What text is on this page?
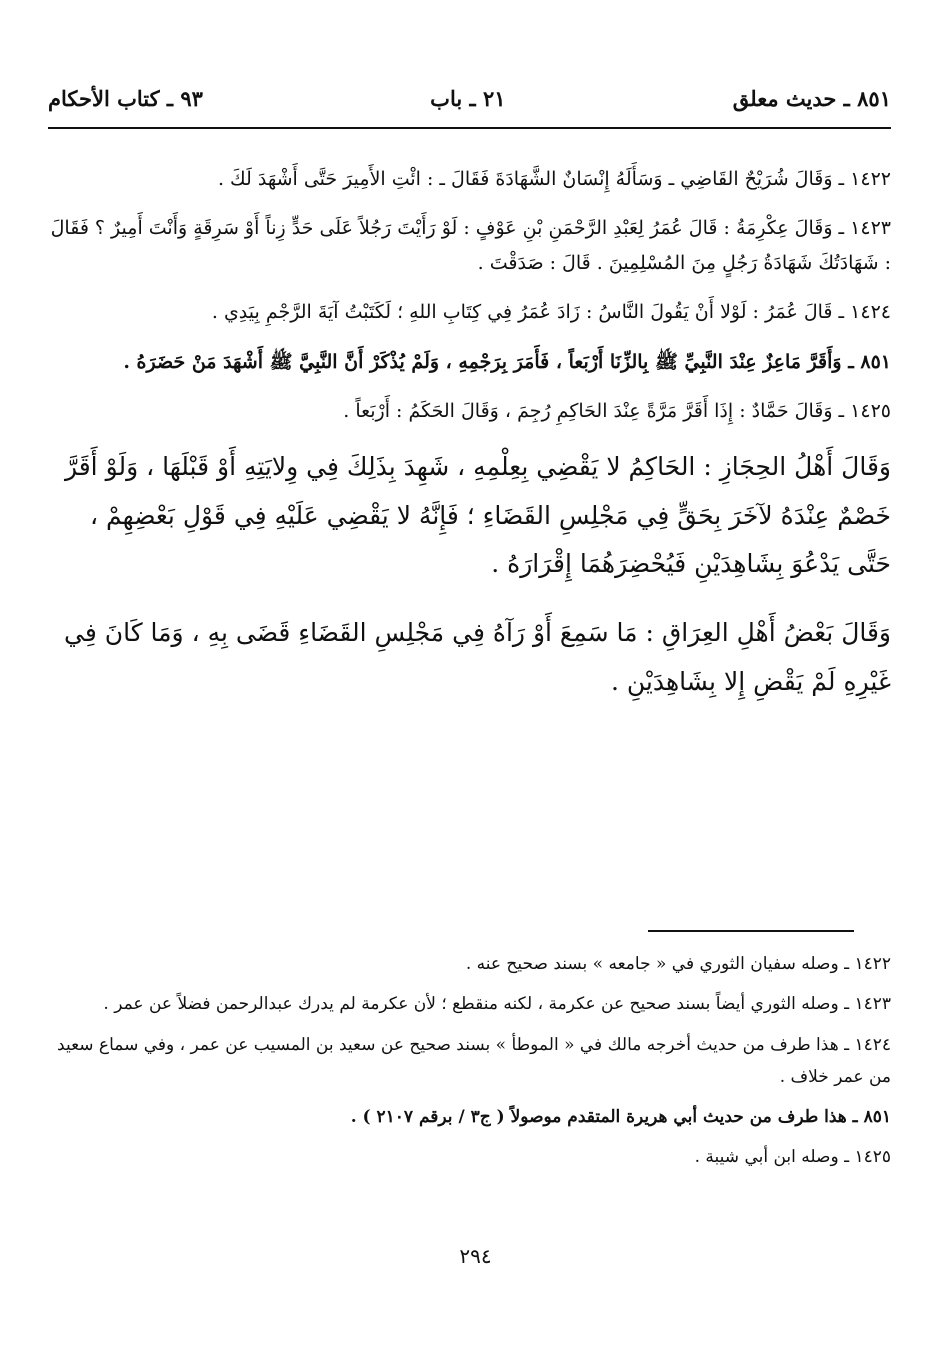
٩٣ ـ كتاب الأحكام	٢١ ـ باب	٨٥١ ـ حديث معلق

١٤٢٢ ـ وَقَالَ شُرَيْحٌ القَاضِي ـ وَسَأَلَهُ إِنْسَانٌ الشَّهَادَةَ فَقَالَ ـ : ائْتِ الأَمِيرَ حَتَّى أَشْهَدَ لَكَ .

١٤٢٣ ـ وَقَالَ عِكْرِمَةُ : قَالَ عُمَرُ لِعَبْدِ الرَّحْمَنِ بْنِ عَوْفٍ : لَوْ رَأَيْتَ رَجُلاً عَلَى حَدٍّ زِناً أَوْ سَرِقَةٍ وَأَنْتَ أَمِيرٌ ؟ فَقَالَ : شَهَادَتُكَ شَهَادَةُ رَجُلٍ مِنَ المُسْلِمِينَ . قَالَ : صَدَقْتَ .

١٤٢٤ ـ قَالَ عُمَرُ : لَوْلا أَنْ يَقُولَ النَّاسُ : زَادَ عُمَرُ فِي كِتَابِ اللهِ ؛ لَكَتَبْتُ آيَةَ الرَّجْمِ بِيَدِي .

٨٥١ ـ وَأَقَرَّ مَاعِزٌ عِنْدَ النَّبِيِّ ﷺ بِالزِّنَا أَرْبَعاً ، فَأَمَرَ بِرَجْمِهِ ، وَلَمْ يُذْكَرْ أَنَّ النَّبِيَّ ﷺ أَشْهَدَ مَنْ حَضَرَهُ .

١٤٢٥ ـ وَقَالَ حَمَّادٌ : إِذَا أَقَرَّ مَرَّةً عِنْدَ الحَاكِمِ رُجِمَ ، وَقَالَ الحَكَمُ : أَرْبَعاً .

وَقَالَ أَهْلُ الحِجَازِ : الحَاكِمُ لا يَقْضِي بِعِلْمِهِ ، شَهِدَ بِذَلِكَ فِي وِلايَتِهِ أَوْ قَبْلَهَا ، وَلَوْ أَقَرَّ خَصْمٌ عِنْدَهُ لآخَرَ بِحَقٍّ فِي مَجْلِسِ القَضَاءِ ؛ فَإِنَّهُ لا يَقْضِي عَلَيْهِ فِي قَوْلِ بَعْضِهِمْ ، حَتَّى يَدْعُوَ بِشَاهِدَيْنِ فَيُحْضِرَهُمَا إِقْرَارَهُ .

وَقَالَ بَعْضُ أَهْلِ العِرَاقِ : مَا سَمِعَ أَوْ رَآهُ فِي مَجْلِسِ القَضَاءِ قَضَى بِهِ ، وَمَا كَانَ فِي غَيْرِهِ لَمْ يَقْضِ إِلا بِشَاهِدَيْنِ .

١٤٢٢ ـ وصله سفيان الثوري في « جامعه » بسند صحيح عنه .

١٤٢٣ ـ وصله الثوري أيضاً بسند صحيح عن عكرمة ، لكنه منقطع ؛ لأن عكرمة لم يدرك عبدالرحمن فضلاً عن عمر .

١٤٢٤ ـ هذا طرف من حديث أخرجه مالك في « الموطأ » بسند صحيح عن سعيد بن المسيب عن عمر ، وفي سماع سعيد من عمر خلاف .

٨٥١ ـ هذا طرف من حديث أبي هريرة المتقدم موصولاً ( ج٣ / برقم ٢١٠٧ ) .

١٤٢٥ ـ وصله ابن أبي شيبة .

٢٩٤
